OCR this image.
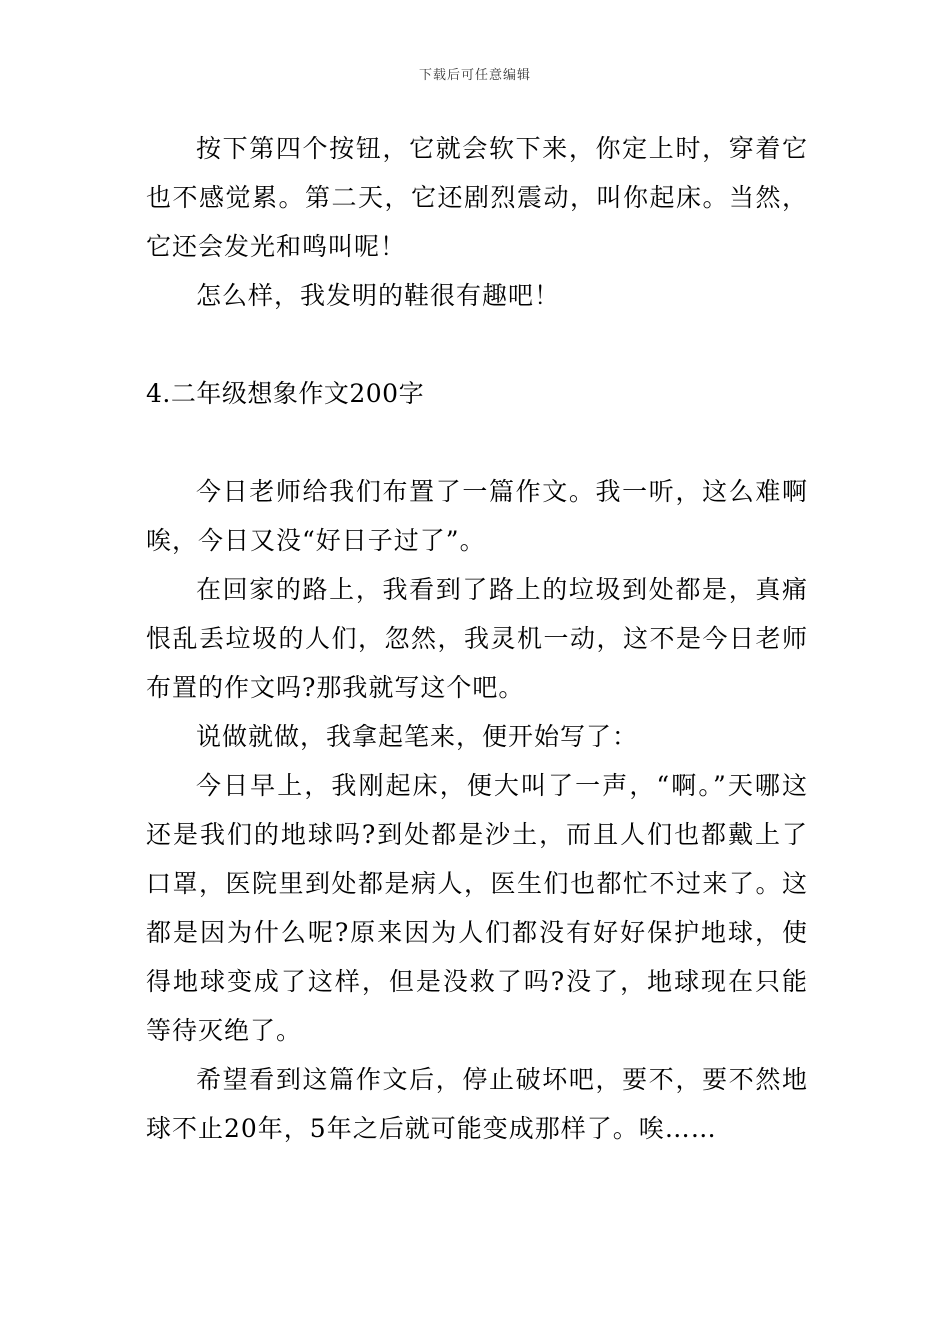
下载后可任意编辑

按下第四个按钮，它就会软下来，你定上时，穿着它也不感觉累。第二天，它还剧烈震动，叫你起床。当然，它还会发光和鸣叫呢！

怎么样，我发明的鞋很有趣吧！

4.二年级想象作文200字

今日老师给我们布置了一篇作文。我一听，这么难啊唉，今日又没“好日子过了”。

在回家的路上，我看到了路上的垃圾到处都是，真痛恨乱丢垃圾的人们，忽然，我灵机一动，这不是今日老师布置的作文吗?那我就写这个吧。

说做就做，我拿起笔来，便开始写了：

今日早上，我刚起床，便大叫了一声，“啊。”天哪这还是我们的地球吗?到处都是沙土，而且人们也都戴上了口罩，医院里到处都是病人，医生们也都忙不过来了。这都是因为什么呢?原来因为人们都没有好好保护地球，使得地球变成了这样，但是没救了吗?没了，地球现在只能等待灭绝了。

希望看到这篇作文后，停止破坏吧，要不，要不然地球不止20年，5年之后就可能变成那样了。唉……
